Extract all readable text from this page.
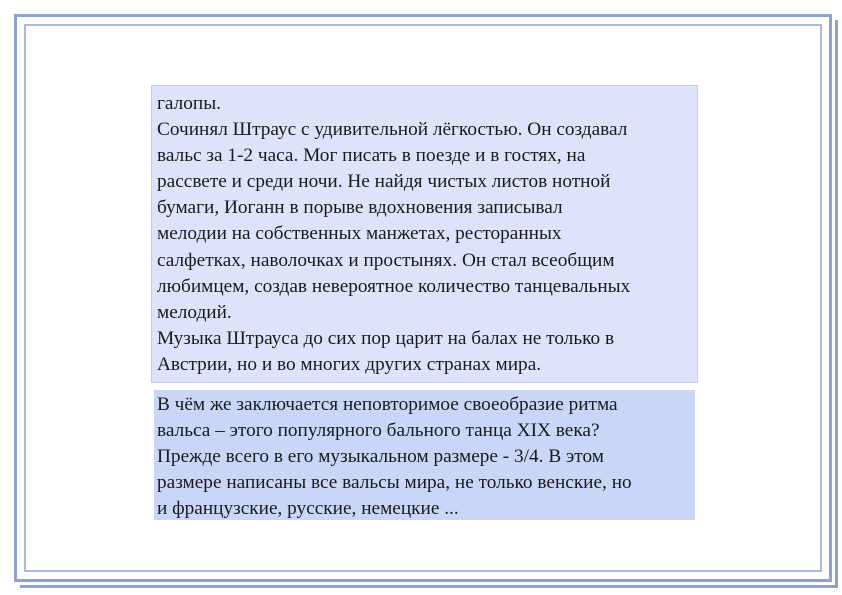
галопы.

Сочинял Штраус с удивительной лёгкостью. Он создавал

вальс за 1-2 часа. Мог писать в поезде и в гостях, на

рассвете и среди ночи. Не найдя чистых листов нотной

бумаги, Иоганн в порыве вдохновения записывал

мелодии на собственных манжетах, ресторанных

салфетках, наволочках и простынях. Он стал всеобщим

любимцем, создав невероятное количество танцевальных

мелодий.

Музыка Штрауса до сих пор царит на балах не только в

Австрии, но и во многих других странах мира.

В чём же заключается неповторимое своеобразие ритма

вальса – этого популярного бального танца XIX века?

Прежде всего в его музыкальном размере - 3/4. В этом

размере написаны все вальсы мира, не только венские, но

и французские, русские, немецкие ...
